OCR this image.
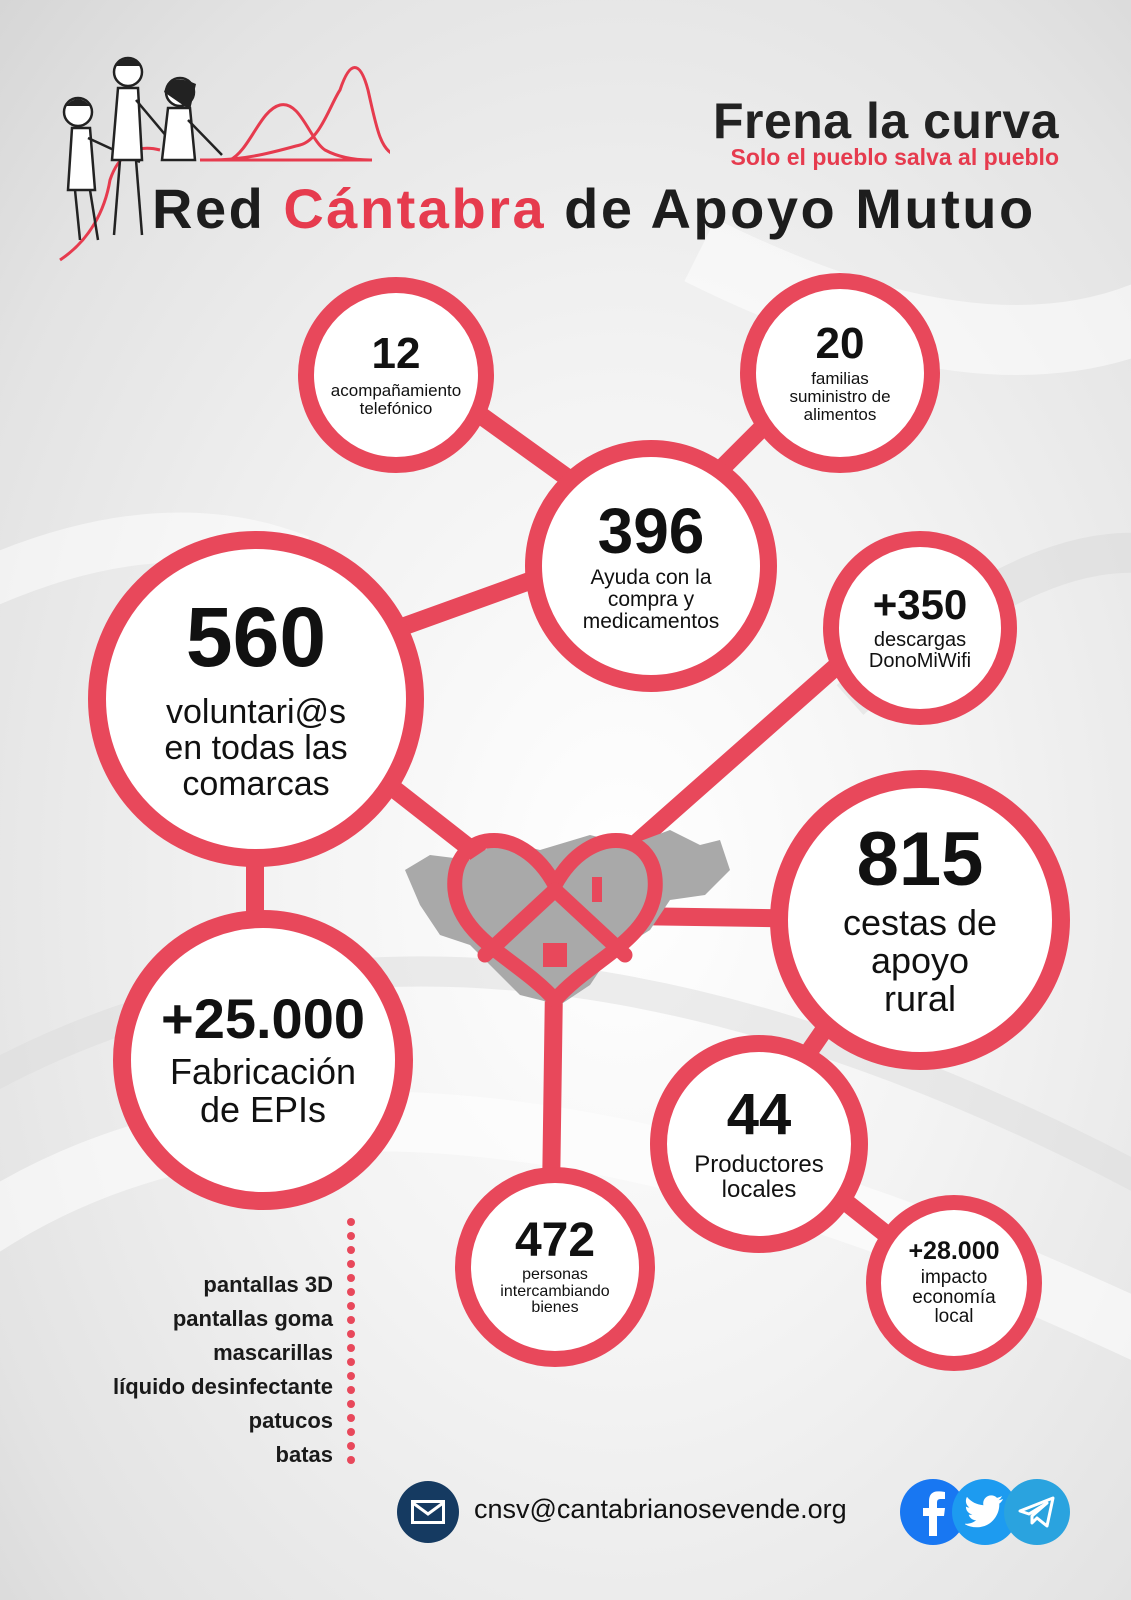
Frena la curva
Solo el pueblo salva al pueblo
Red Cántabra de Apoyo Mutuo
12
acompañamiento
telefónico
20
familias
suministro de
alimentos
396
Ayuda con la
compra y
medicamentos
560
voluntari@s
en todas las
comarcas
+350
descargas
DonoMiWifi
815
cestas de
apoyo
rural
+25.000
Fabricación
de EPIs	44
Productores
locales
472
personas
intercambiando
bienes
+28.000
impacto
economía
local
pantallas 3D
pantallas goma
mascarillas
líquido desinfectante
patucos
batas
cnsv@cantabrianosevende.org
